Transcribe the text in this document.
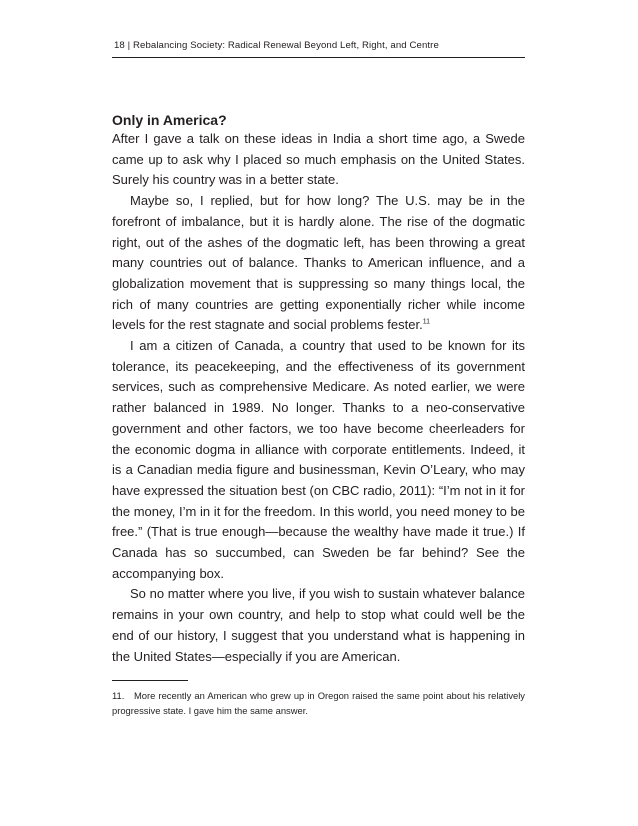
18 | Rebalancing Society: Radical Renewal Beyond Left, Right, and Centre
Only in America?

After I gave a talk on these ideas in India a short time ago, a Swede came up to ask why I placed so much emphasis on the United States. Surely his country was in a better state.

Maybe so, I replied, but for how long? The U.S. may be in the forefront of imbalance, but it is hardly alone. The rise of the dogmatic right, out of the ashes of the dogmatic left, has been throwing a great many countries out of balance. Thanks to American influence, and a globalization movement that is suppressing so many things local, the rich of many countries are getting exponentially richer while income levels for the rest stagnate and social problems fester.$^{11}$

I am a citizen of Canada, a country that used to be known for its tolerance, its peacekeeping, and the effectiveness of its government services, such as comprehensive Medicare. As noted earlier, we were rather balanced in 1989. No longer. Thanks to a neo-conservative government and other factors, we too have become cheerleaders for the economic dogma in alliance with corporate entitlements. Indeed, it is a Canadian media figure and businessman, Kevin O’Leary, who may have expressed the situation best (on CBC radio, 2011): “I’m not in it for the money, I’m in it for the freedom. In this world, you need money to be free.” (That is true enough—because the wealthy have made it true.) If Canada has so succumbed, can Sweden be far behind? See the accompanying box.

So no matter where you live, if you wish to sustain whatever balance remains in your own country, and help to stop what could well be the end of our history, I suggest that you understand what is happening in the United States—especially if you are American.

11. More recently an American who grew up in Oregon raised the same point about his relatively progressive state. I gave him the same answer.
